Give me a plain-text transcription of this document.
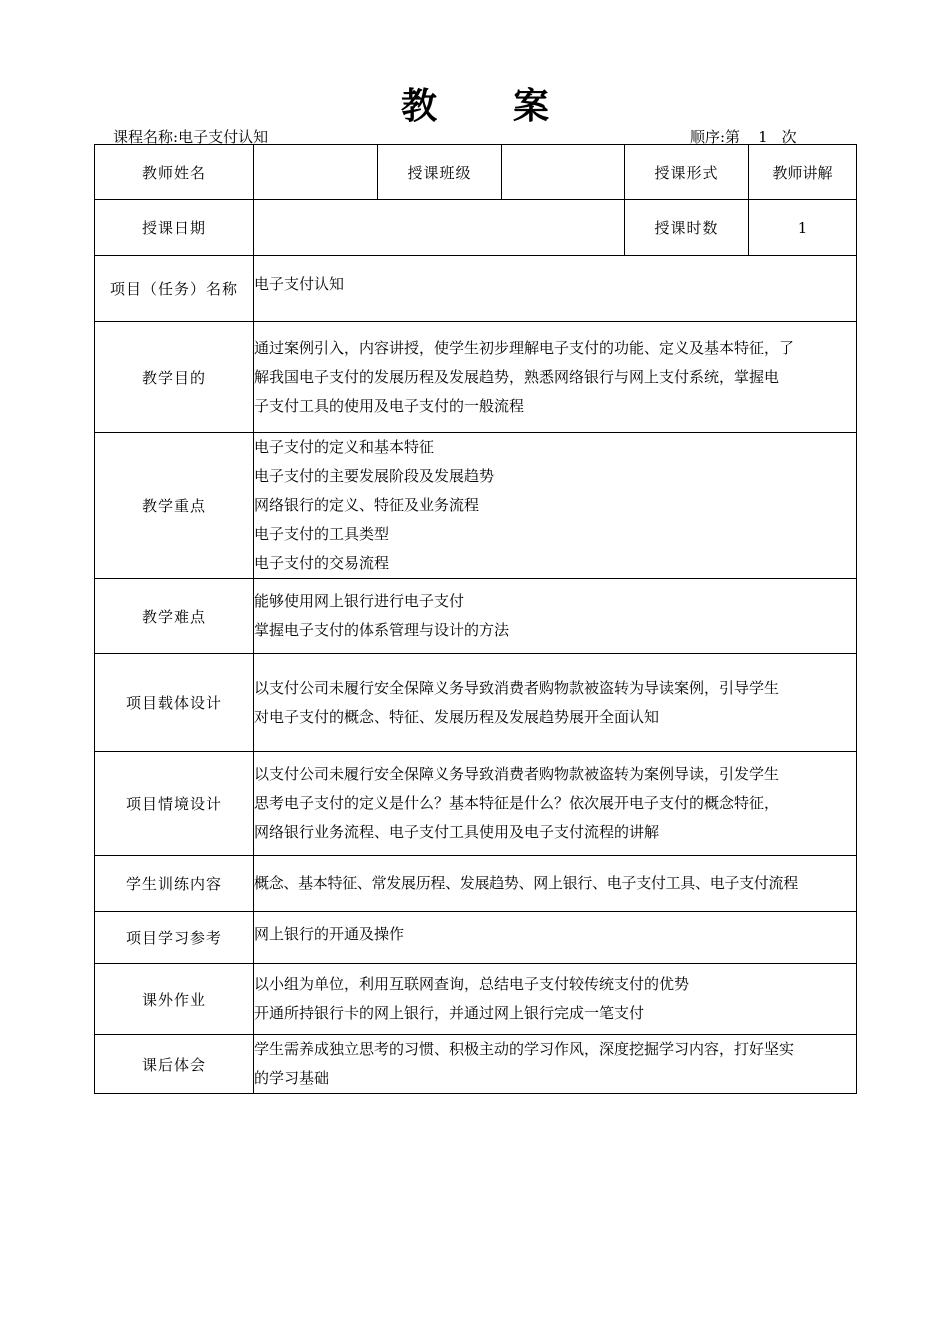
教 案
课程名称:电子支付认知	顺序:第 1 次
教师姓名		授课班级		授课形式	教师讲解
授课日期				授课时数	1
项目（任务）名称	电子支付认知				
教学目的	通过案例引入，内容讲授，使学生初步理解电子支付的功能、定义及基本特征，了
解我国电子支付的发展历程及发展趋势，熟悉网络银行与网上支付系统，掌握电
子支付工具的使用及电子支付的一般流程				

教学重点	电子支付的定义和基本特征
电子支付的主要发展阶段及发展趋势
网络银行的定义、特征及业务流程
电子支付的工具类型
电子支付的交易流程				

教学难点	能够使用网上银行进行电子支付
掌握电子支付的体系管理与设计的方法				

项目载体设计	以支付公司未履行安全保障义务导致消费者购物款被盗转为导读案例，引导学生
对电子支付的概念、特征、发展历程及发展趋势展开全面认知				

项目情境设计	以支付公司未履行安全保障义务导致消费者购物款被盗转为案例导读，引发学生
思考电子支付的定义是什么？基本特征是什么？依次展开电子支付的概念特征，
网络银行业务流程、电子支付工具使用及电子支付流程的讲解				

学生训练内容	概念、基本特征、常发展历程、发展趋势、网上银行、电子支付工具、电子支付流程				

项目学习参考	网上银行的开通及操作				

课外作业	以小组为单位，利用互联网查询，总结电子支付较传统支付的优势
开通所持银行卡的网上银行，并通过网上银行完成一笔支付				

课后体会	学生需养成独立思考的习惯、积极主动的学习作风，深度挖掘学习内容，打好坚实
的学习基础				
